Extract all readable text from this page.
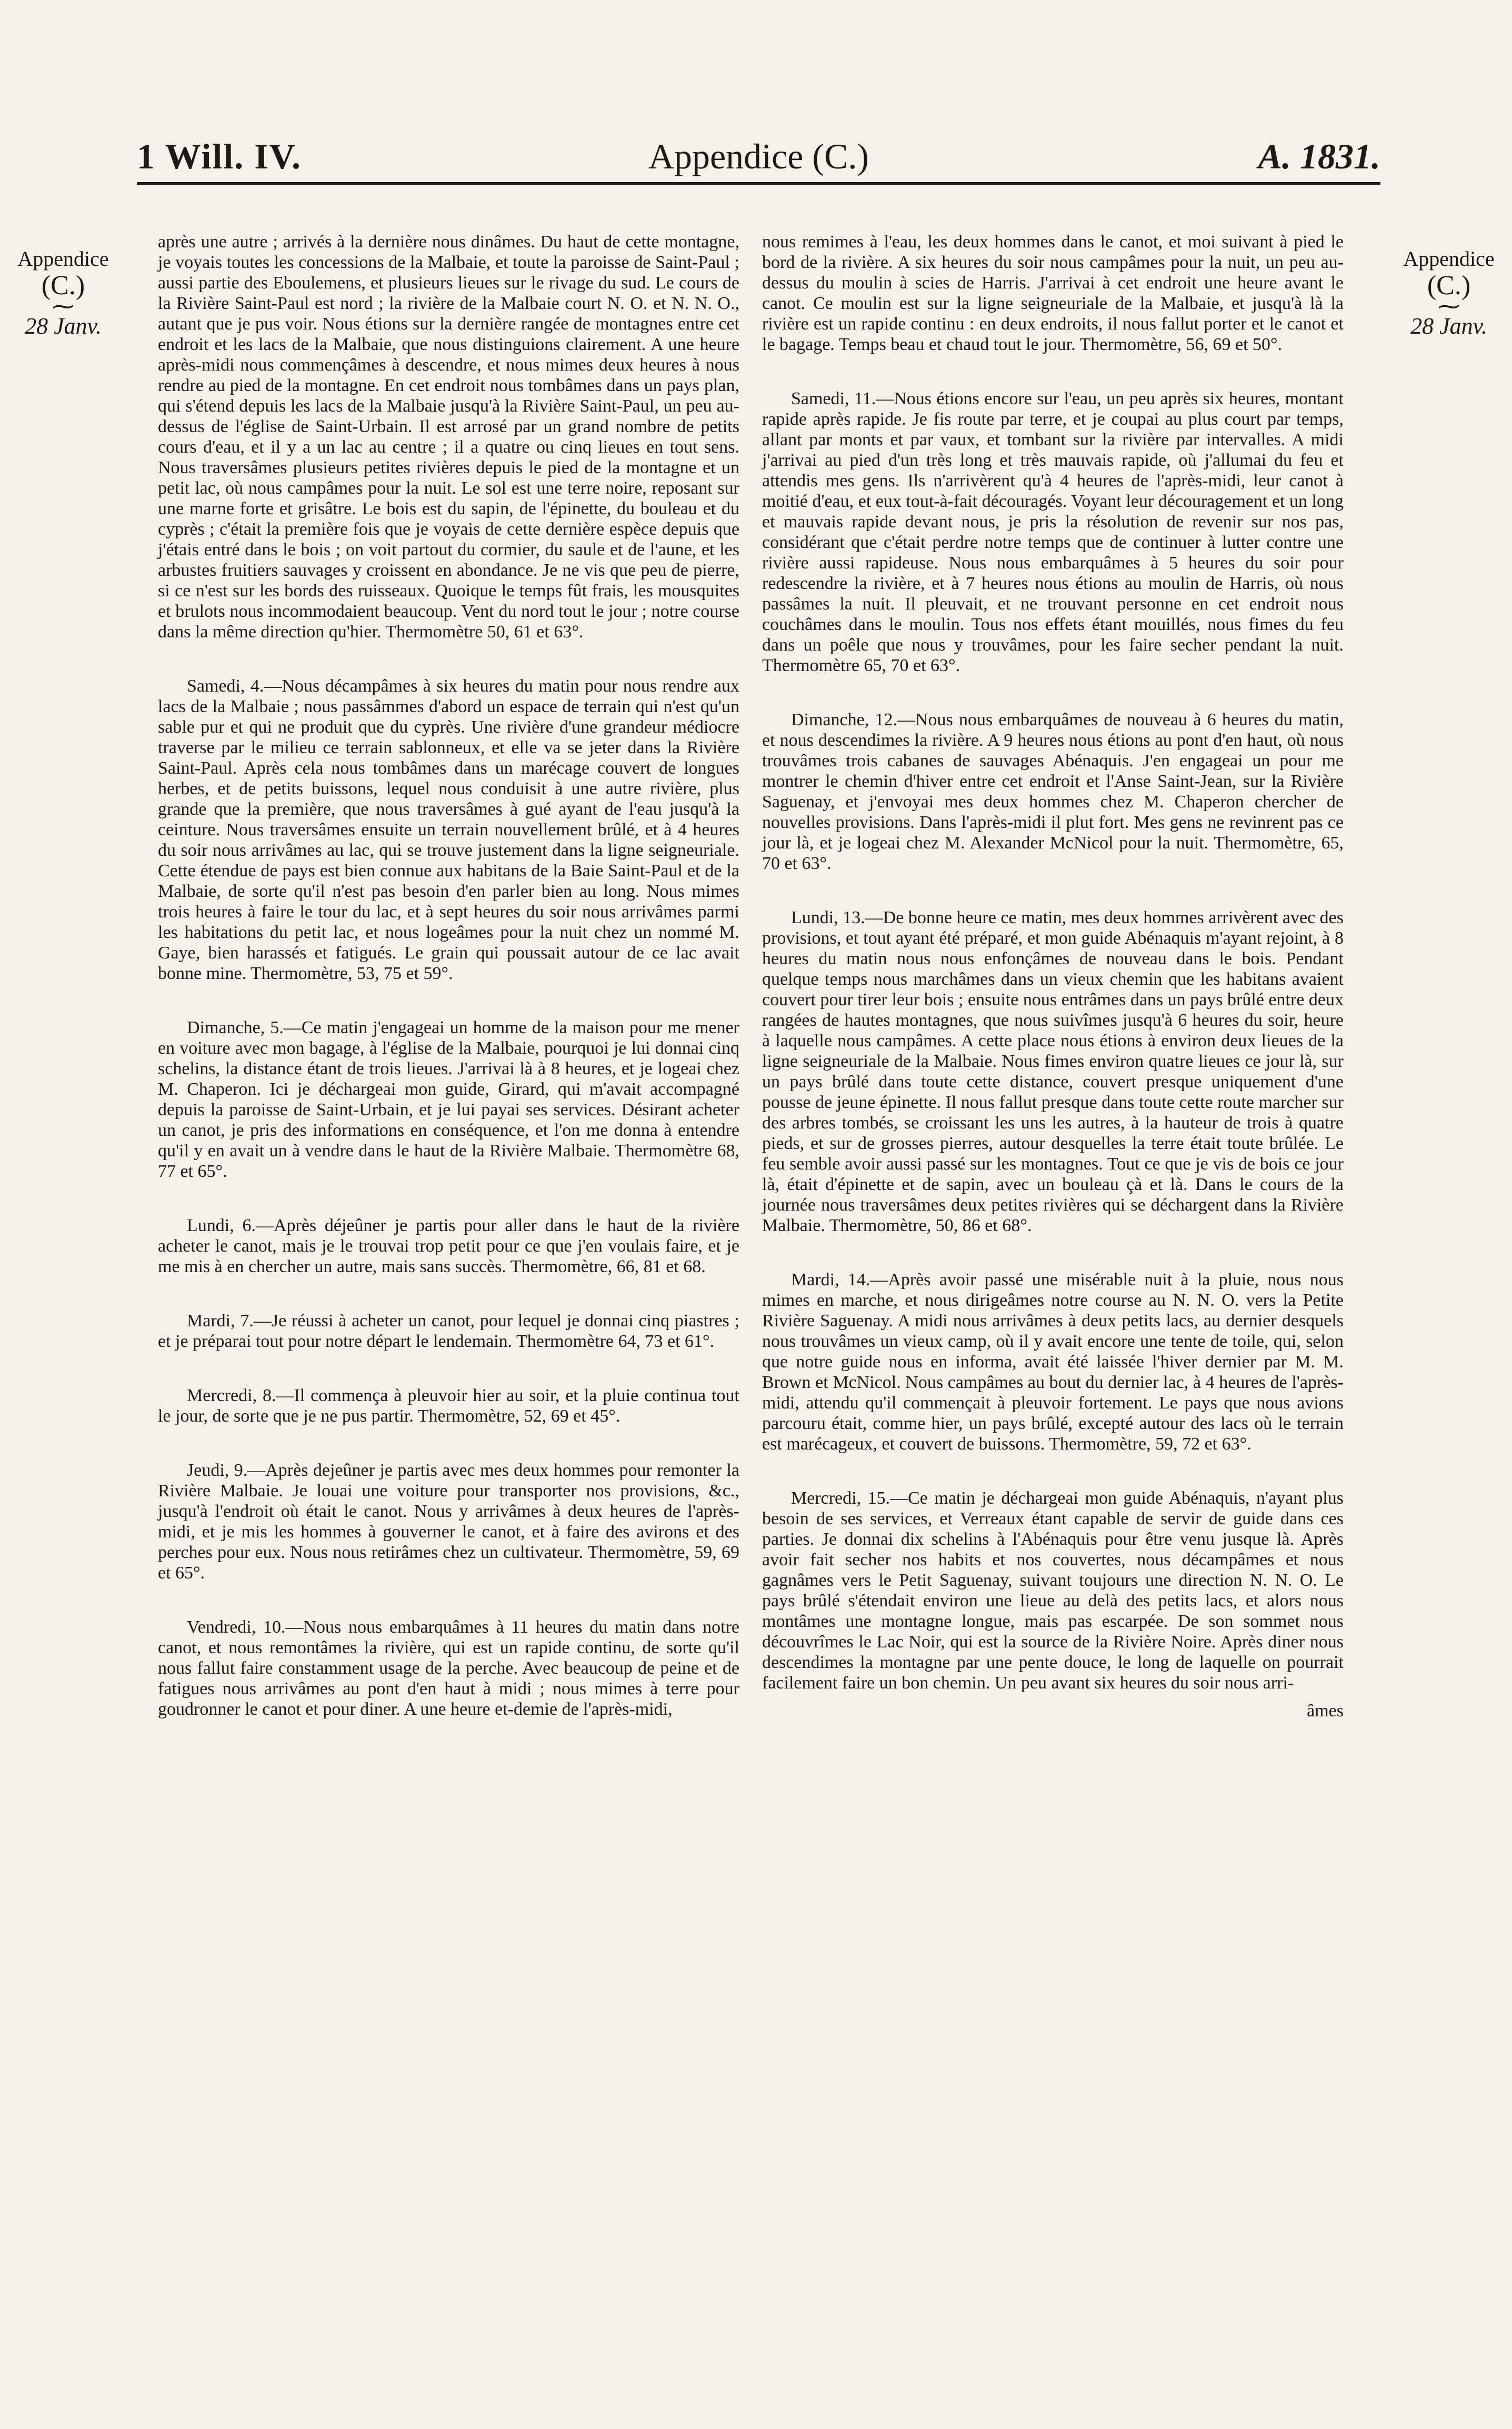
1 Will. IV.	Appendice (C.)	A. 1831.
Appendice
(C.)
⁓
28 Janv.
Appendice
(C.)
⁓
28 Janv.

après une autre ; arrivés à la dernière nous dinâmes. Du haut de cette montagne, je voyais toutes les concessions de la Malbaie, et toute la paroisse de Saint-Paul ; aussi partie des Eboulemens, et plusieurs lieues sur le rivage du sud. Le cours de la Rivière Saint-Paul est nord ; la rivière de la Malbaie court N. O. et N. N. O., autant que je pus voir. Nous étions sur la dernière rangée de montagnes entre cet endroit et les lacs de la Malbaie, que nous distinguions clairement. A une heure après-midi nous commençâmes à descendre, et nous mimes deux heures à nous rendre au pied de la montagne. En cet endroit nous tombâmes dans un pays plan, qui s'étend depuis les lacs de la Malbaie jusqu'à la Rivière Saint-Paul, un peu au-dessus de l'église de Saint-Urbain. Il est arrosé par un grand nombre de petits cours d'eau, et il y a un lac au centre ; il a quatre ou cinq lieues en tout sens. Nous traversâmes plusieurs petites rivières depuis le pied de la montagne et un petit lac, où nous campâmes pour la nuit. Le sol est une terre noire, reposant sur une marne forte et grisâtre. Le bois est du sapin, de l'épinette, du bouleau et du cyprès ; c'était la première fois que je voyais de cette dernière espèce depuis que j'étais entré dans le bois ; on voit partout du cormier, du saule et de l'aune, et les arbustes fruitiers sauvages y croissent en abondance. Je ne vis que peu de pierre, si ce n'est sur les bords des ruisseaux. Quoique le temps fût frais, les mousquites et brulots nous incommodaient beaucoup. Vent du nord tout le jour ; notre course dans la même direction qu'hier. Thermomètre 50, 61 et 63°.

Samedi, 4.—Nous décampâmes à six heures du matin pour nous rendre aux lacs de la Malbaie ; nous passâmmes d'abord un espace de terrain qui n'est qu'un sable pur et qui ne produit que du cyprès. Une rivière d'une grandeur médiocre traverse par le milieu ce terrain sablonneux, et elle va se jeter dans la Rivière Saint-Paul. Après cela nous tombâmes dans un marécage couvert de longues herbes, et de petits buissons, lequel nous conduisit à une autre rivière, plus grande que la première, que nous traversâmes à gué ayant de l'eau jusqu'à la ceinture. Nous traversâmes ensuite un terrain nouvellement brûlé, et à 4 heures du soir nous arrivâmes au lac, qui se trouve justement dans la ligne seigneuriale. Cette étendue de pays est bien connue aux habitans de la Baie Saint-Paul et de la Malbaie, de sorte qu'il n'est pas besoin d'en parler bien au long. Nous mimes trois heures à faire le tour du lac, et à sept heures du soir nous arrivâmes parmi les habitations du petit lac, et nous logeâmes pour la nuit chez un nommé M. Gaye, bien harassés et fatigués. Le grain qui poussait autour de ce lac avait bonne mine. Thermomètre, 53, 75 et 59°.

Dimanche, 5.—Ce matin j'engageai un homme de la maison pour me mener en voiture avec mon bagage, à l'église de la Malbaie, pourquoi je lui donnai cinq schelins, la distance étant de trois lieues. J'arrivai là à 8 heures, et je logeai chez M. Chaperon. Ici je déchargeai mon guide, Girard, qui m'avait accompagné depuis la paroisse de Saint-Urbain, et je lui payai ses services. Désirant acheter un canot, je pris des informations en conséquence, et l'on me donna à entendre qu'il y en avait un à vendre dans le haut de la Rivière Malbaie. Thermomètre 68, 77 et 65°.

Lundi, 6.—Après déjeûner je partis pour aller dans le haut de la rivière acheter le canot, mais je le trouvai trop petit pour ce que j'en voulais faire, et je me mis à en chercher un autre, mais sans succès. Thermomètre, 66, 81 et 68.

Mardi, 7.—Je réussi à acheter un canot, pour lequel je donnai cinq piastres ; et je préparai tout pour notre départ le lendemain. Thermomètre 64, 73 et 61°.

Mercredi, 8.—Il commença à pleuvoir hier au soir, et la pluie continua tout le jour, de sorte que je ne pus partir. Thermomètre, 52, 69 et 45°.

Jeudi, 9.—Après dejeûner je partis avec mes deux hommes pour remonter la Rivière Malbaie. Je louai une voiture pour transporter nos provisions, &c., jusqu'à l'endroit où était le canot. Nous y arrivâmes à deux heures de l'après-midi, et je mis les hommes à gouverner le canot, et à faire des avirons et des perches pour eux. Nous nous retirâmes chez un cultivateur. Thermomètre, 59, 69 et 65°.

Vendredi, 10.—Nous nous embarquâmes à 11 heures du matin dans notre canot, et nous remontâmes la rivière, qui est un rapide continu, de sorte qu'il nous fallut faire constamment usage de la perche. Avec beaucoup de peine et de fatigues nous arrivâmes au pont d'en haut à midi ; nous mimes à terre pour goudronner le canot et pour diner. A une heure et-demie de l'après-midi,

nous remimes à l'eau, les deux hommes dans le canot, et moi suivant à pied le bord de la rivière. A six heures du soir nous campâmes pour la nuit, un peu au-dessus du moulin à scies de Harris. J'arrivai à cet endroit une heure avant le canot. Ce moulin est sur la ligne seigneuriale de la Malbaie, et jusqu'à là la rivière est un rapide continu : en deux endroits, il nous fallut porter et le canot et le bagage. Temps beau et chaud tout le jour. Thermomètre, 56, 69 et 50°.

Samedi, 11.—Nous étions encore sur l'eau, un peu après six heures, montant rapide après rapide. Je fis route par terre, et je coupai au plus court par temps, allant par monts et par vaux, et tombant sur la rivière par intervalles. A midi j'arrivai au pied d'un très long et très mauvais rapide, où j'allumai du feu et attendis mes gens. Ils n'arrivèrent qu'à 4 heures de l'après-midi, leur canot à moitié d'eau, et eux tout-à-fait découragés. Voyant leur découragement et un long et mauvais rapide devant nous, je pris la résolution de revenir sur nos pas, considérant que c'était perdre notre temps que de continuer à lutter contre une rivière aussi rapideuse. Nous nous embarquâmes à 5 heures du soir pour redescendre la rivière, et à 7 heures nous étions au moulin de Harris, où nous passâmes la nuit. Il pleuvait, et ne trouvant personne en cet endroit nous couchâmes dans le moulin. Tous nos effets étant mouillés, nous fimes du feu dans un poêle que nous y trouvâmes, pour les faire secher pendant la nuit. Thermomètre 65, 70 et 63°.

Dimanche, 12.—Nous nous embarquâmes de nouveau à 6 heures du matin, et nous descendimes la rivière. A 9 heures nous étions au pont d'en haut, où nous trouvâmes trois cabanes de sauvages Abénaquis. J'en engageai un pour me montrer le chemin d'hiver entre cet endroit et l'Anse Saint-Jean, sur la Rivière Saguenay, et j'envoyai mes deux hommes chez M. Chaperon chercher de nouvelles provisions. Dans l'après-midi il plut fort. Mes gens ne revinrent pas ce jour là, et je logeai chez M. Alexander McNicol pour la nuit. Thermomètre, 65, 70 et 63°.

Lundi, 13.—De bonne heure ce matin, mes deux hommes arrivèrent avec des provisions, et tout ayant été préparé, et mon guide Abénaquis m'ayant rejoint, à 8 heures du matin nous nous enfonçâmes de nouveau dans le bois. Pendant quelque temps nous marchâmes dans un vieux chemin que les habitans avaient couvert pour tirer leur bois ; ensuite nous entrâmes dans un pays brûlé entre deux rangées de hautes montagnes, que nous suivîmes jusqu'à 6 heures du soir, heure à laquelle nous campâmes. A cette place nous étions à environ deux lieues de la ligne seigneuriale de la Malbaie. Nous fimes environ quatre lieues ce jour là, sur un pays brûlé dans toute cette distance, couvert presque uniquement d'une pousse de jeune épinette. Il nous fallut presque dans toute cette route marcher sur des arbres tombés, se croissant les uns les autres, à la hauteur de trois à quatre pieds, et sur de grosses pierres, autour desquelles la terre était toute brûlée. Le feu semble avoir aussi passé sur les montagnes. Tout ce que je vis de bois ce jour là, était d'épinette et de sapin, avec un bouleau çà et là. Dans le cours de la journée nous traversâmes deux petites rivières qui se déchargent dans la Rivière Malbaie. Thermomètre, 50, 86 et 68°.

Mardi, 14.—Après avoir passé une misérable nuit à la pluie, nous nous mimes en marche, et nous dirigeâmes notre course au N. N. O. vers la Petite Rivière Saguenay. A midi nous arrivâmes à deux petits lacs, au dernier desquels nous trouvâmes un vieux camp, où il y avait encore une tente de toile, qui, selon que notre guide nous en informa, avait été laissée l'hiver dernier par M. M. Brown et McNicol. Nous campâmes au bout du dernier lac, à 4 heures de l'après-midi, attendu qu'il commençait à pleuvoir fortement. Le pays que nous avions parcouru était, comme hier, un pays brûlé, excepté autour des lacs où le terrain est marécageux, et couvert de buissons. Thermomètre, 59, 72 et 63°.

Mercredi, 15.—Ce matin je déchargeai mon guide Abénaquis, n'ayant plus besoin de ses services, et Verreaux étant capable de servir de guide dans ces parties. Je donnai dix schelins à l'Abénaquis pour être venu jusque là. Après avoir fait secher nos habits et nos couvertes, nous décampâmes et nous gagnâmes vers le Petit Saguenay, suivant toujours une direction N. N. O. Le pays brûlé s'étendait environ une lieue au delà des petits lacs, et alors nous montâmes une montagne longue, mais pas escarpée. De son sommet nous découvrîmes le Lac Noir, qui est la source de la Rivière Noire. Après diner nous descendimes la montagne par une pente douce, le long de laquelle on pourrait facilement faire un bon chemin. Un peu avant six heures du soir nous arri-

âmes
